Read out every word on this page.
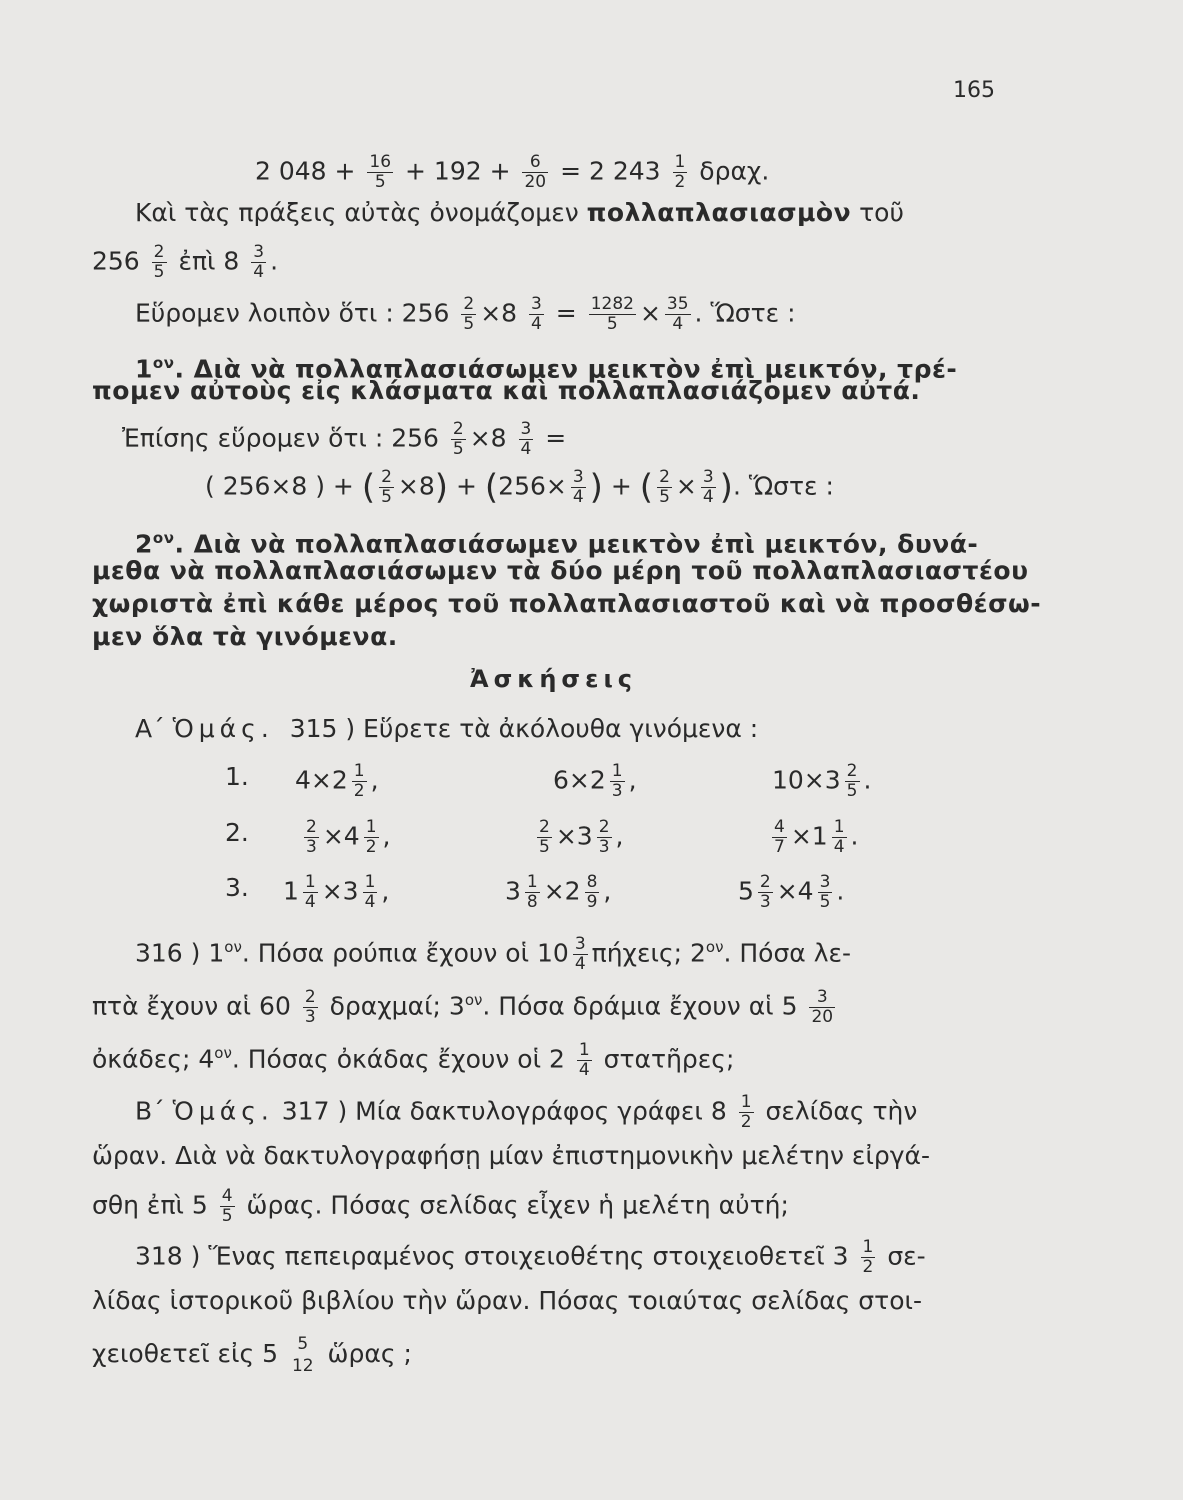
165
2 $048 + \frac{16}{5} + 192 + \frac{6}{20} = 2$ $243 \frac{1}{2} \delta\rho\alpha\chi$.
Καὶ τὰς πράξεις αὐτὰς ὀνομάζομεν πολλαπλασιασμὸν τοῦ
$256 \frac{2}{5}$ ἐπὶ $8 \frac{3}{4}$ .
Εὕρομεν λοιπὸν ὅτι : $256 \frac{2}{5} \times 8 \frac{3}{4} = \frac{1282}{5} \times \frac{35}{4}$ . Ὥστε :
$1^{o\nu}$. Διὰ νὰ πολλαπλασιάσωμεν μεικτὸν ἐπὶ μεικτόν, τρέ-
πομεν αὐτοὺς εἰς κλάσματα καὶ πολλαπλασιάζομεν αὐτά.
Ἐπίσης εὕρομεν ὅτι : $256 \frac{2}{5} \times 8 \frac{3}{4}$ =
( 256×8 ) + ( $\frac{2}{5} \times 8) + (256\times \frac{3}{4}$ ) + ( $\frac{2}{5} \times \frac{3}{4}$ ). Ὥστε :
$2^{o\nu}$. Διὰ νὰ πολλαπλασιάσωμεν μεικτὸν ἐπὶ μεικτόν, δυνά-
μεθα νὰ πολλαπλασιάσωμεν τὰ δύο μέρη τοῦ πολλαπλασιαστέου
χωριστὰ ἐπὶ κάθε μέρος τοῦ πολλαπλασιαστοῦ καὶ νὰ προσθέσω-
μεν ὅλα τὰ γινόμενα.
Ἀσκήσεις
Α΄ Ὁμάς. 315 ) Εὕρετε τὰ ἀκόλουθα γινόμενα :
1. $4\times 2 \frac{1}{2}$ ,	$6\times 2 \frac{1}{3}$ ,	$10\times 3 \frac{2}{5}$ .
2.	$\frac{2}{3} \times 4 \frac{1}{2}$ ,	$\frac{2}{5} \times 3 \frac{2}{3}$ ,	$\frac{4}{7} \times 1 \frac{1}{4}$ .
3. $1 \frac{1}{4} \times 3 \frac{1}{4}$ ,	$3 \frac{1}{8} \times 2 \frac{8}{9}$ ,	$5 \frac{2}{3} \times 4 \frac{3}{5}$ .
316 ) $1^{o\nu}$. Πόσα ρούπια ἔχουν οἱ $10 \frac{3}{4} \pi ή\chi\varepsilon\iota\varsigma$; $2^{o\nu}$. Πόσα λε-
πτὰ ἔχουν αἱ $60 \frac{2}{3} \delta\rho\alpha\chi\mu\alpha ί$; $3^{o\nu}$. Πόσα δράμια ἔχουν αἱ $5 \frac{3}{20}$
ὀκάδες; $4^{o\nu}$. Πόσας ὀκάδας ἔχουν οἱ $2 \frac{1}{4}$ στατῆρες;
Β΄ Ὁμάς. 317 ) Μία δακτυλογράφος γράφει $8 \frac{1}{2}$ σελίδας τὴν
ὥραν. Διὰ νὰ δακτυλογραφήσῃ μίαν ἐπιστημονικὴν μελέτην εἰργά-
σθη ἐπὶ $5 \frac{4}{5}$ ὥρας. Πόσας σελίδας εἶχεν ἡ μελέτη αὐτή;
318 ) Ἕνας πεπειραμένος στοιχειοθέτης στοιχειοθετεῖ $3 \frac{1}{2} \sigma\varepsilon-$
λίδας ἱστορικοῦ βιβλίου τὴν ὥραν. Πόσας τοιαύτας σελίδας στοι-
χειοθετεῖ εἰς 5	5
12 ὥρας ;
